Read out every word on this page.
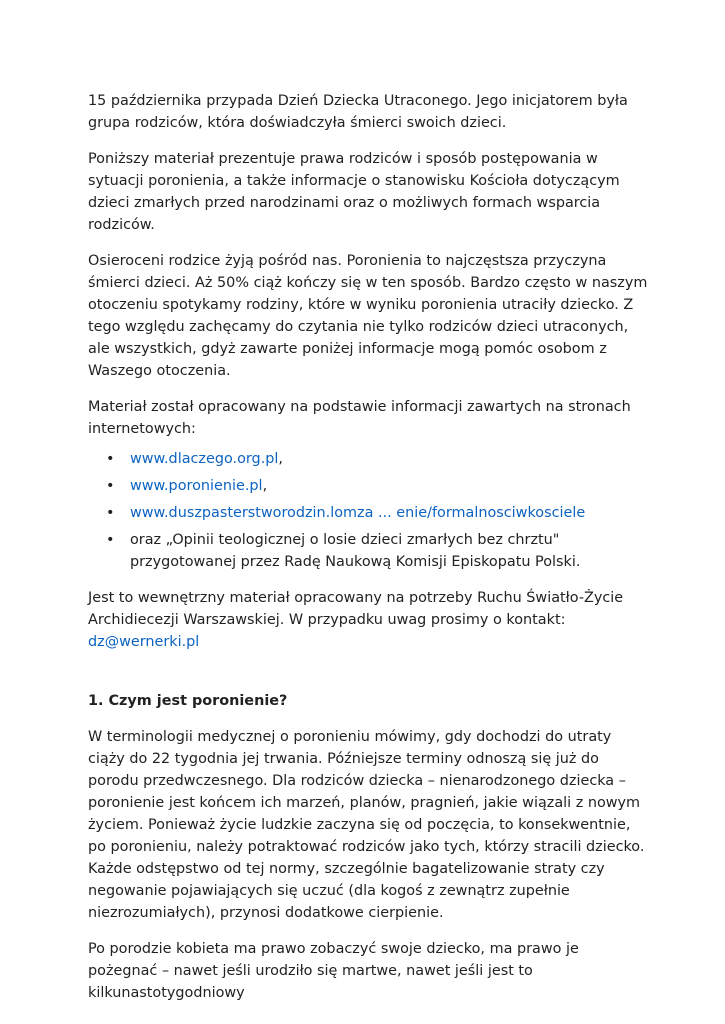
15 października przypada Dzień Dziecka Utraconego. Jego inicjatorem była grupa rodziców, która doświadczyła śmierci swoich dzieci.

Poniższy materiał prezentuje prawa rodziców i sposób postępowania w sytuacji poronienia, a także informacje o stanowisku Kościoła dotyczącym dzieci zmarłych przed narodzinami oraz o możliwych formach wsparcia rodziców.

Osieroceni rodzice żyją pośród nas. Poronienia to najczęstsza przyczyna śmierci dzieci. Aż 50% ciąż kończy się w ten sposób. Bardzo często w naszym otoczeniu spotykamy rodziny, które w wyniku poronienia utraciły dziecko. Z tego względu zachęcamy do czytania nie tylko rodziców dzieci utraconych, ale wszystkich, gdyż zawarte poniżej informacje mogą pomóc osobom z Waszego otoczenia.

Materiał został opracowany na podstawie informacji zawartych na stronach internetowych:

• www.dlaczego.org.pl,
• www.poronienie.pl,
• www.duszpasterstworodzin.lomza ... enie/formalnosciwkosciele
• oraz „Opinii teologicznej o losie dzieci zmarłych bez chrztu" przygotowanej przez Radę Naukową Komisji Episkopatu Polski.

Jest to wewnętrzny materiał opracowany na potrzeby Ruchu Światło-Życie Archidiecezji Warszawskiej. W przypadku uwag prosimy o kontakt: dz@wernerki.pl

1. Czym jest poronienie?

W terminologii medycznej o poronieniu mówimy, gdy dochodzi do utraty ciąży do 22 tygodnia jej trwania. Późniejsze terminy odnoszą się już do porodu przedwczesnego. Dla rodziców dziecka – nienarodzonego dziecka – poronienie jest końcem ich marzeń, planów, pragnień, jakie wiązali z nowym życiem. Ponieważ życie ludzkie zaczyna się od poczęcia, to konsekwentnie, po poronieniu, należy potraktować rodziców jako tych, którzy stracili dziecko. Każde odstępstwo od tej normy, szczególnie bagatelizowanie straty czy negowanie pojawiających się uczuć (dla kogoś z zewnątrz zupełnie niezrozumiałych), przynosi dodatkowe cierpienie.

Po porodzie kobieta ma prawo zobaczyć swoje dziecko, ma prawo je pożegnać – nawet jeśli urodziło się martwe, nawet jeśli jest to kilkunastotygodniowy
